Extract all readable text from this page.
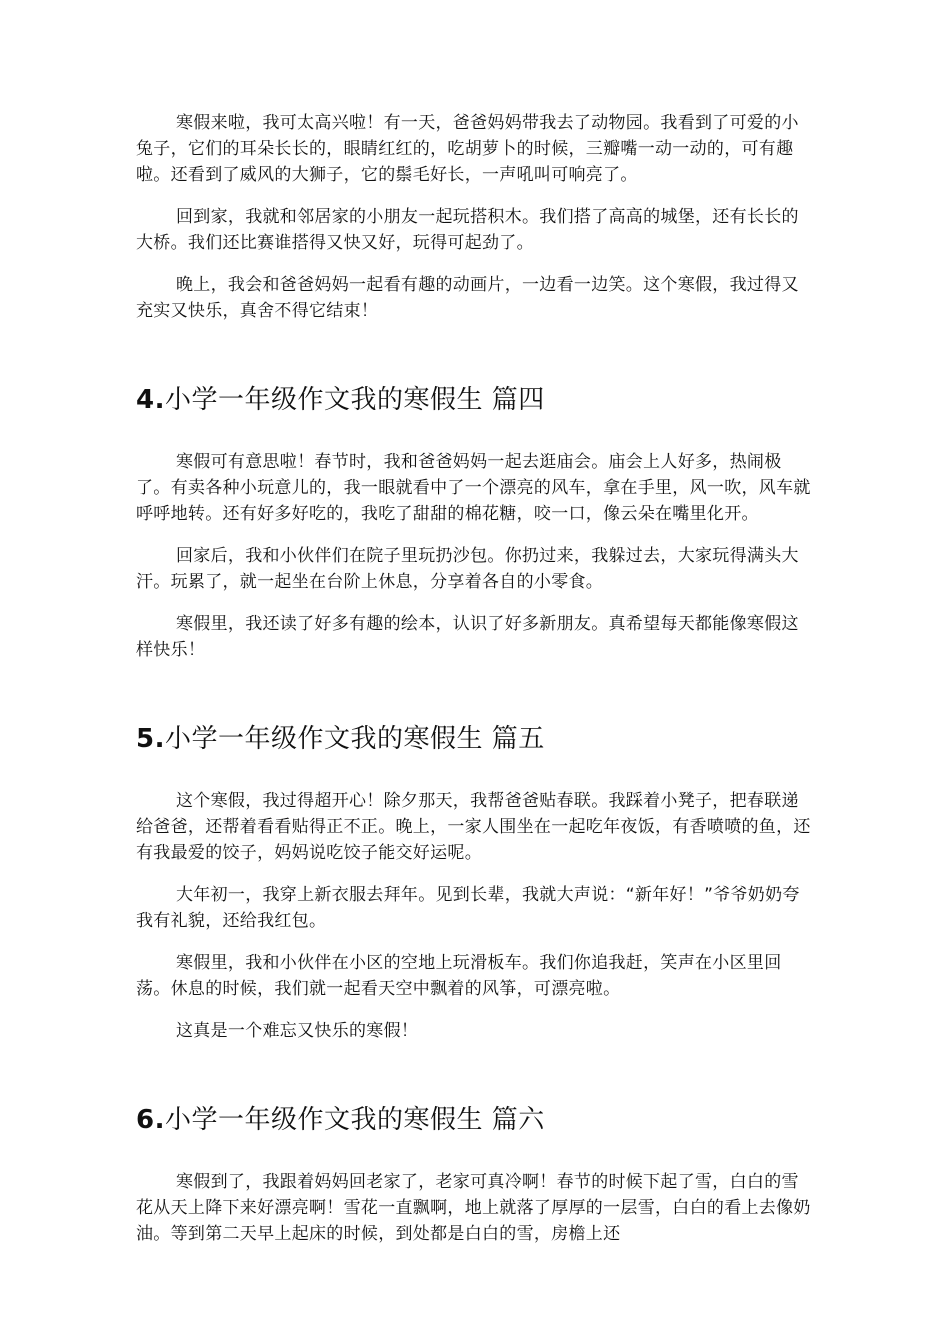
寒假来啦，我可太高兴啦！有一天，爸爸妈妈带我去了动物园。我看到了可爱的小兔子，它们的耳朵长长的，眼睛红红的，吃胡萝卜的时候，三瓣嘴一动一动的，可有趣啦。还看到了威风的大狮子，它的鬃毛好长，一声吼叫可响亮了。

回到家，我就和邻居家的小朋友一起玩搭积木。我们搭了高高的城堡，还有长长的大桥。我们还比赛谁搭得又快又好，玩得可起劲了。

晚上，我会和爸爸妈妈一起看有趣的动画片，一边看一边笑。这个寒假，我过得又充实又快乐，真舍不得它结束！

4.小学一年级作文我的寒假生 篇四

寒假可有意思啦！春节时，我和爸爸妈妈一起去逛庙会。庙会上人好多，热闹极了。有卖各种小玩意儿的，我一眼就看中了一个漂亮的风车，拿在手里，风一吹，风车就呼呼地转。还有好多好吃的，我吃了甜甜的棉花糖，咬一口，像云朵在嘴里化开。

回家后，我和小伙伴们在院子里玩扔沙包。你扔过来，我躲过去，大家玩得满头大汗。玩累了，就一起坐在台阶上休息，分享着各自的小零食。

寒假里，我还读了好多有趣的绘本，认识了好多新朋友。真希望每天都能像寒假这样快乐！

5.小学一年级作文我的寒假生 篇五

这个寒假，我过得超开心！除夕那天，我帮爸爸贴春联。我踩着小凳子，把春联递给爸爸，还帮着看看贴得正不正。晚上，一家人围坐在一起吃年夜饭，有香喷喷的鱼，还有我最爱的饺子，妈妈说吃饺子能交好运呢。

大年初一，我穿上新衣服去拜年。见到长辈，我就大声说：“新年好！”爷爷奶奶夸我有礼貌，还给我红包。

寒假里，我和小伙伴在小区的空地上玩滑板车。我们你追我赶，笑声在小区里回荡。休息的时候，我们就一起看天空中飘着的风筝，可漂亮啦。

这真是一个难忘又快乐的寒假！

6.小学一年级作文我的寒假生 篇六

寒假到了，我跟着妈妈回老家了，老家可真冷啊！春节的时候下起了雪，白白的雪花从天上降下来好漂亮啊！雪花一直飘啊，地上就落了厚厚的一层雪，白白的看上去像奶油。等到第二天早上起床的时候，到处都是白白的雪，房檐上还
